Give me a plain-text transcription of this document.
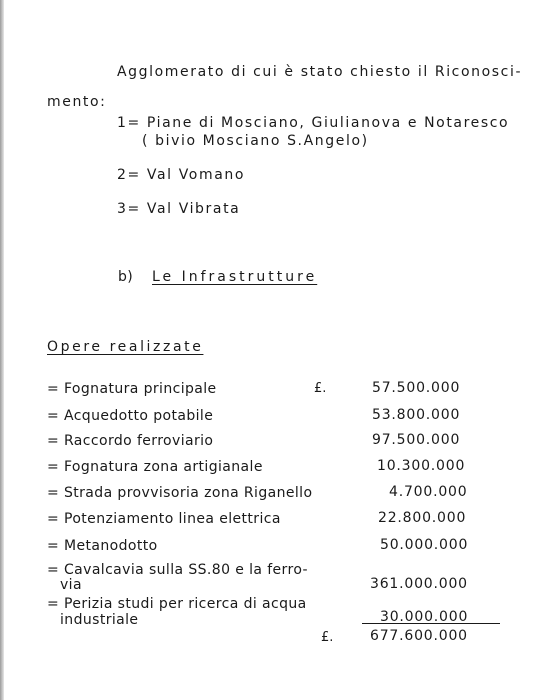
Agglomerato di cui è stato chiesto il Riconosci-
mento:
1= Piane di Mosciano, Giulianova e Notaresco
( bivio Mosciano S.Angelo)
2= Val Vomano
3= Val Vibrata
b) Le Infrastrutture
Opere realizzate
= Fognatura principale	£.	57.500.000
= Acquedotto potabile	53.800.000
= Raccordo ferroviario	97.500.000
= Fognatura zona artigianale	10.300.000
= Strada provvisoria zona Riganello	4.700.000
= Potenziamento linea elettrica	22.800.000
= Metanodotto	50.000.000
= Cavalcavia sulla SS.80 e la ferro-
via	361.000.000
= Perizia studi per ricerca di acqua
industriale	30.000.000
£.	677.600.000
